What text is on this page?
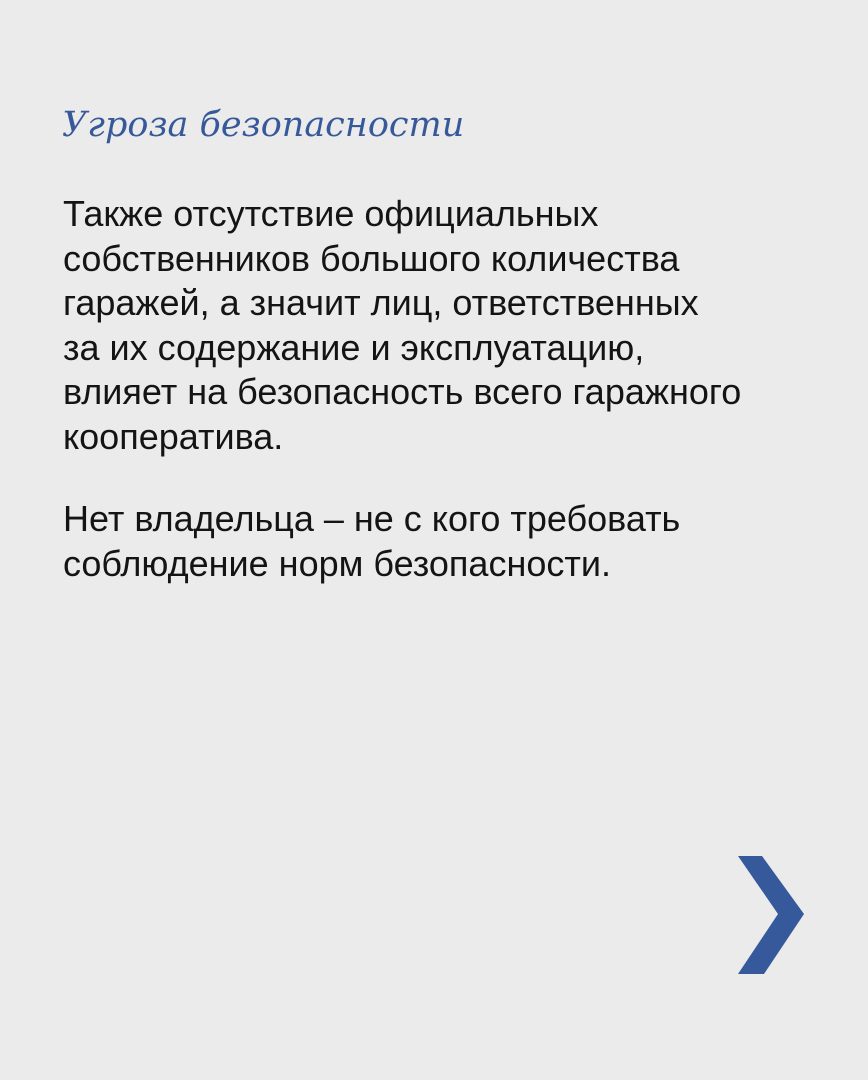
Угроза безопасности

Также отсутствие официальных
собственников большого количества
гаражей, а значит лиц, ответственных
за их содержание и эксплуатацию,
влияет на безопасность всего гаражного
кооператива.

Нет владельца – не с кого требовать
соблюдение норм безопасности.
